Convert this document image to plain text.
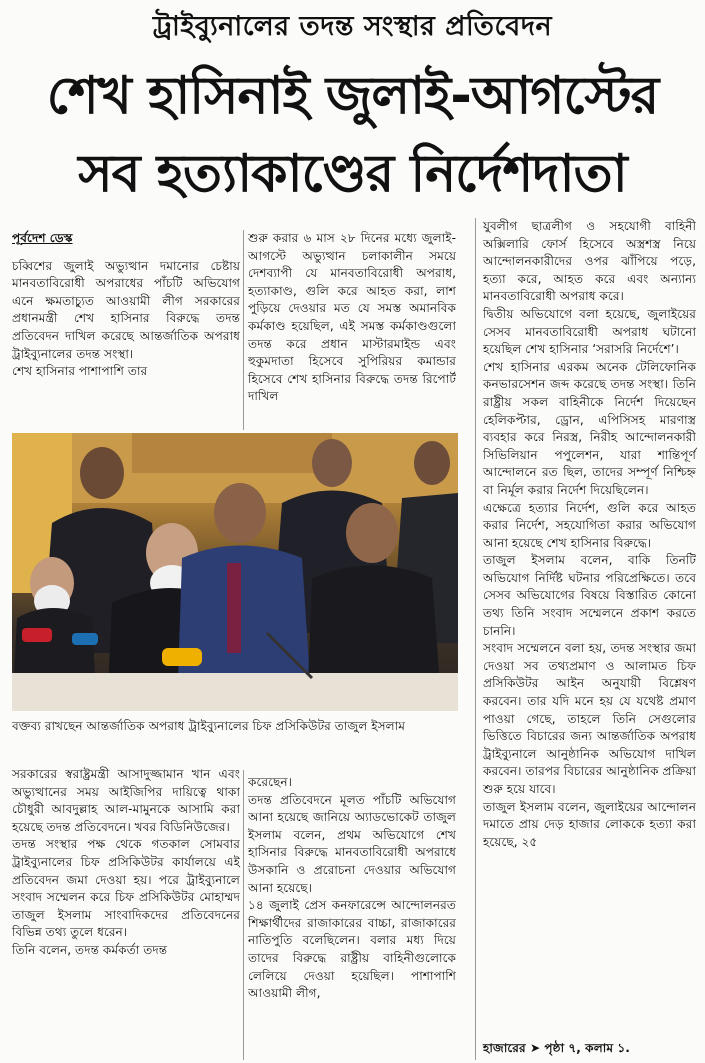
ট্রাইব্যুনালের তদন্ত সংস্থার প্রতিবেদন
শেখ হাসিনাই জুলাই-আগস্টের
সব হত্যাকাণ্ডের নির্দেশদাতা

পূর্বদেশ ডেস্ক

চব্বিশের জুলাই অভ্যুত্থান দমানোর চেষ্টায় মানবতাবিরোধী অপরাধের পাঁচটি অভিযোগ এনে ক্ষমতাচ্যুত আওয়ামী লীগ সরকারের প্রধানমন্ত্রী শেখ হাসিনার বিরুদ্ধে তদন্ত প্রতিবেদন দাখিল করেছে আন্তর্জাতিক অপরাধ ট্রাইব্যুনালের তদন্ত সংস্থা।

শেখ হাসিনার পাশাপাশি তার

শুরু করার ৬ মাস ২৮ দিনের মধ্যে জুলাই-আগস্টে অভ্যুত্থান চলাকালীন সময়ে দেশব্যাপী যে মানবতাবিরোধী অপরাধ, হত্যাকাণ্ড, গুলি করে আহত করা, লাশ পুড়িয়ে দেওয়ার মত যে সমস্ত অমানবিক কর্মকাণ্ড হয়েছিল, এই সমস্ত কর্মকাণ্ডগুলো তদন্ত করে প্রধান মাস্টারমাইন্ড এবং হুকুমদাতা হিসেবে সুপিরিয়র কমান্ডার হিসেবে শেখ হাসিনার বিরুদ্ধে তদন্ত রিপোর্ট দাখিল

যুবলীগ ছাত্রলীগ ও সহযোগী বাহিনী অক্সিলারি ফোর্স হিসেবে অস্ত্রশস্ত্র নিয়ে আন্দোলনকারীদের ওপর ঝাঁপিয়ে পড়ে, হত্যা করে, আহত করে এবং অন্যান্য মানবতাবিরোধী অপরাধ করে।

দ্বিতীয় অভিযোগে বলা হয়েছে, জুলাইয়ের সেসব মানবতাবিরোধী অপরাধ ঘটানো হয়েছিল শেখ হাসিনার ‘সরাসরি নির্দেশে’।

শেখ হাসিনার এরকম অনেক টেলিফোনিক কনভারসেশন জব্দ করেছে তদন্ত সংস্থা। তিনি রাষ্ট্রীয় সকল বাহিনীকে নির্দেশ দিয়েছেন হেলিকপ্টার, ড্রোন, এপিসিসহ মারণাস্ত্র ব্যবহার করে নিরস্ত্র, নিরীহ আন্দোলনকারী সিভিলিয়ান পপুলেশন, যারা শান্তিপূর্ণ আন্দোলনে রত ছিল, তাদের সম্পূর্ণ নিশ্চিহ্ন বা নির্মূল করার নির্দেশ দিয়েছিলেন।

এক্ষেত্রে হত্যার নির্দেশ, গুলি করে আহত করার নির্দেশ, সহযোগিতা করার অভিযোগ আনা হয়েছে শেখ হাসিনার বিরুদ্ধে।

তাজুল ইসলাম বলেন, বাকি তিনটি অভিযোগ নির্দিষ্ট ঘটনার পরিপ্রেক্ষিতে। তবে সেসব অভিযোগের বিষয়ে বিস্তারিত কোনো তথ্য তিনি সংবাদ সম্মেলনে প্রকাশ করতে চাননি।

সংবাদ সম্মেলনে বলা হয়, তদন্ত সংস্থার জমা দেওয়া সব তথ্যপ্রমাণ ও আলামত চিফ প্রসিকিউটর আইন অনুযায়ী বিশ্লেষণ করবেন। তার যদি মনে হয় যে যথেষ্ট প্রমাণ পাওয়া গেছে, তাহলে তিনি সেগুলোর ভিত্তিতে বিচারের জন্য আন্তর্জাতিক অপরাধ ট্রাইব্যুনালে আনুষ্ঠানিক অভিযোগ দাখিল করবেন। তারপর বিচারের আনুষ্ঠানিক প্রক্রিয়া শুরু হয়ে যাবে।

তাজুল ইসলাম বলেন, জুলাইয়ের আন্দোলন দমাতে প্রায় দেড় হাজার লোককে হত্যা করা হয়েছে, ২৫

হাজারের ➤ পৃষ্ঠা ৭, কলাম ১.
বক্তব্য রাখছেন আন্তর্জাতিক অপরাধ ট্রাইব্যুনালের চিফ প্রসিকিউটর তাজুল ইসলাম

সরকারের স্বরাষ্ট্রমন্ত্রী আসাদুজ্জামান খান এবং অভ্যুত্থানের সময় আইজিপির দায়িত্বে থাকা চৌধুরী আবদুল্লাহ আল-মামুনকে আসামি করা হয়েছে তদন্ত প্রতিবেদনে। খবর বিডিনিউজের।

তদন্ত সংস্থার পক্ষ থেকে গতকাল সোমবার ট্রাইব্যুনালের চিফ প্রসিকিউটর কার্যালয়ে এই প্রতিবেদন জমা দেওয়া হয়। পরে ট্রাইব্যুনালে সংবাদ সম্মেলন করে চিফ প্রসিকিউটর মোহাম্মদ তাজুল ইসলাম সাংবাদিকদের প্রতিবেদনের বিভিন্ন তথ্য তুলে ধরেন।

তিনি বলেন, তদন্ত কর্মকর্তা তদন্ত

করেছেন।

তদন্ত প্রতিবেদনে মূলত পাঁচটি অভিযোগ আনা হয়েছে জানিয়ে অ্যাডভোকেট তাজুল ইসলাম বলেন, প্রথম অভিযোগে শেখ হাসিনার বিরুদ্ধে মানবতাবিরোধী অপরাধে উসকানি ও প্ররোচনা দেওয়ার অভিযোগ আনা হয়েছে।

১৪ জুলাই প্রেস কনফারেন্সে আন্দোলনরত শিক্ষার্থীদের রাজাকারের বাচ্চা, রাজাকারের নাতিপুতি বলেছিলেন। বলার মধ্য দিয়ে তাদের বিরুদ্ধে রাষ্ট্রীয় বাহিনীগুলোকে লেলিয়ে দেওয়া হয়েছিল। পাশাপাশি আওয়ামী লীগ,
